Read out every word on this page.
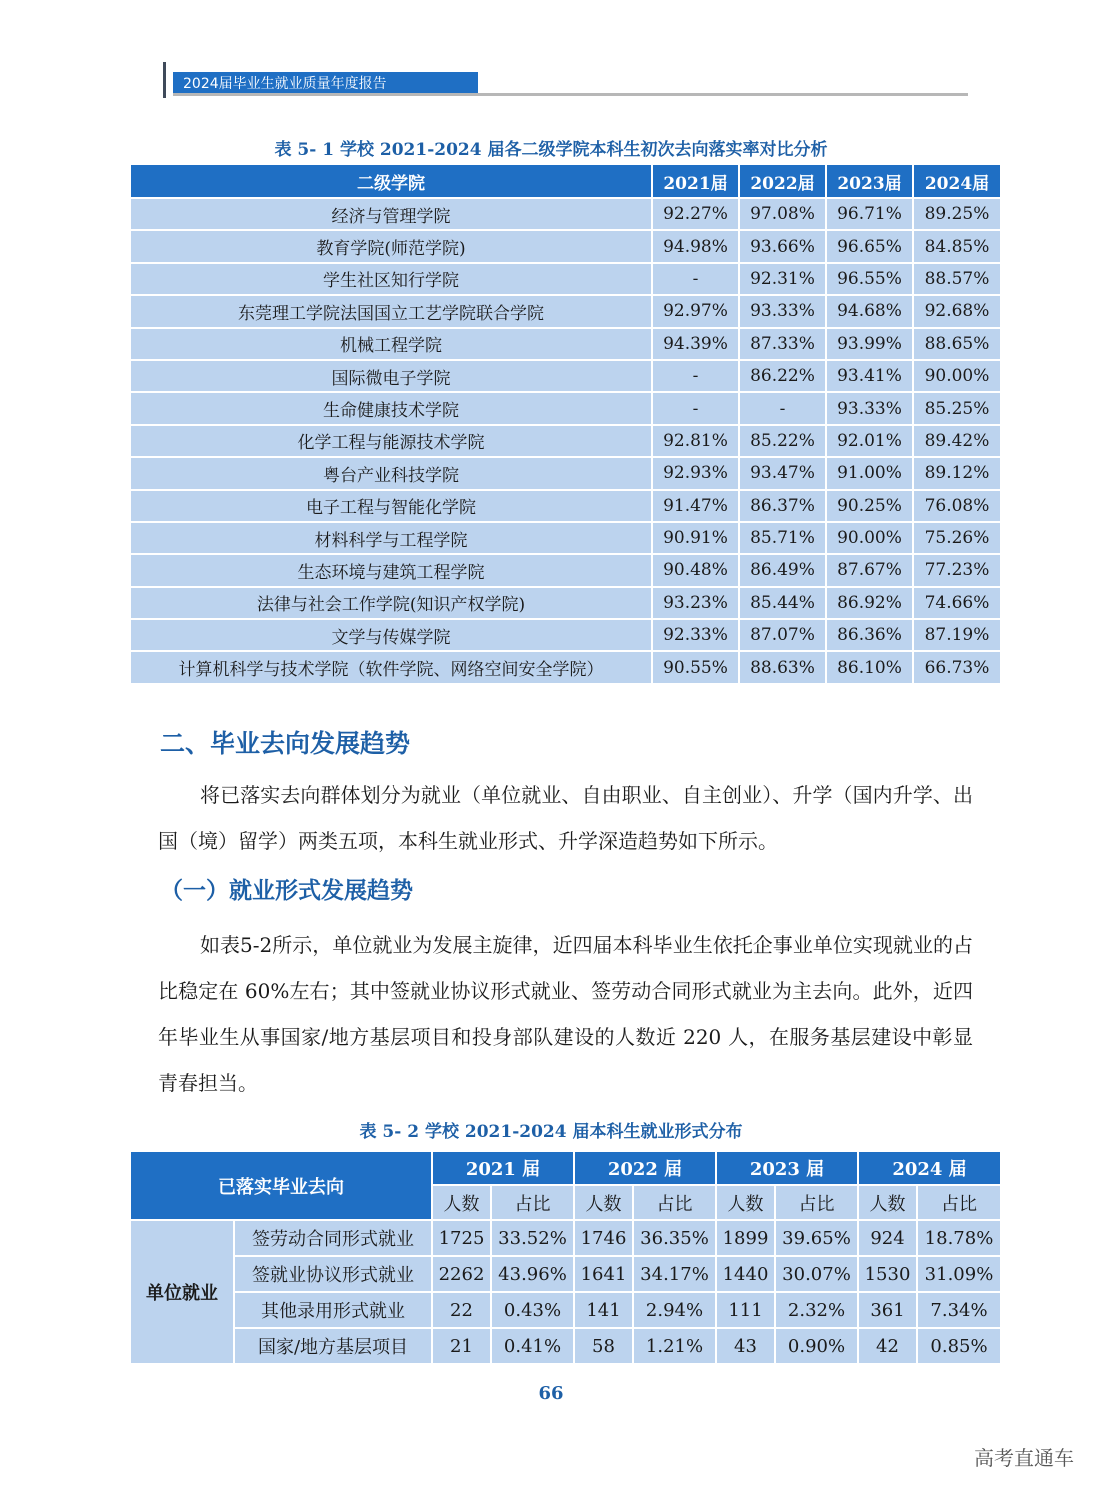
2024届毕业生就业质量年度报告
表 5- 1 学校 2021-2024 届各二级学院本科生初次去向落实率对比分析
二级学院	2021届	2022届	2023届	2024届
经济与管理学院	92.27%	97.08%	96.71%	89.25%
教育学院(师范学院)	94.98%	93.66%	96.65%	84.85%
学生社区知行学院	-	92.31%	96.55%	88.57%
东莞理工学院法国国立工艺学院联合学院	92.97%	93.33%	94.68%	92.68%
机械工程学院	94.39%	87.33%	93.99%	88.65%
国际微电子学院	-	86.22%	93.41%	90.00%
生命健康技术学院	-	-	93.33%	85.25%
化学工程与能源技术学院	92.81%	85.22%	92.01%	89.42%
粤台产业科技学院	92.93%	93.47%	91.00%	89.12%
电子工程与智能化学院	91.47%	86.37%	90.25%	76.08%
材料科学与工程学院	90.91%	85.71%	90.00%	75.26%
生态环境与建筑工程学院	90.48%	86.49%	87.67%	77.23%
法律与社会工作学院(知识产权学院)	93.23%	85.44%	86.92%	74.66%
文学与传媒学院	92.33%	87.07%	86.36%	87.19%
计算机科学与技术学院（软件学院、网络空间安全学院）	90.55%	88.63%	86.10%	66.73%
二、毕业去向发展趋势
将已落实去向群体划分为就业（单位就业、自由职业、自主创业）、升学（国内升学、出国（境）留学）两类五项，本科生就业形式、升学深造趋势如下所示。
（一）就业形式发展趋势
如表5-2所示，单位就业为发展主旋律，近四届本科毕业生依托企事业单位实现就业的占比稳定在 60%左右；其中签就业协议形式就业、签劳动合同形式就业为主去向。此外，近四年毕业生从事国家/地方基层项目和投身部队建设的人数近 220 人，在服务基层建设中彰显青春担当。
表 5- 2 学校 2021-2024 届本科生就业形式分布
已落实毕业去向		2021 届		2022 届		2023 届		2024 届	
		人数	占比	人数	占比	人数	占比	人数	占比
单位就业	签劳动合同形式就业	1725	33.52%	1746	36.35%	1899	39.65%	924	18.78%
	签就业协议形式就业	2262	43.96%	1641	34.17%	1440	30.07%	1530	31.09%
	其他录用形式就业	22	0.43%	141	2.94%	111	2.32%	361	7.34%
	国家/地方基层项目	21	0.41%	58	1.21%	43	0.90%	42	0.85%
66
高考直通车
